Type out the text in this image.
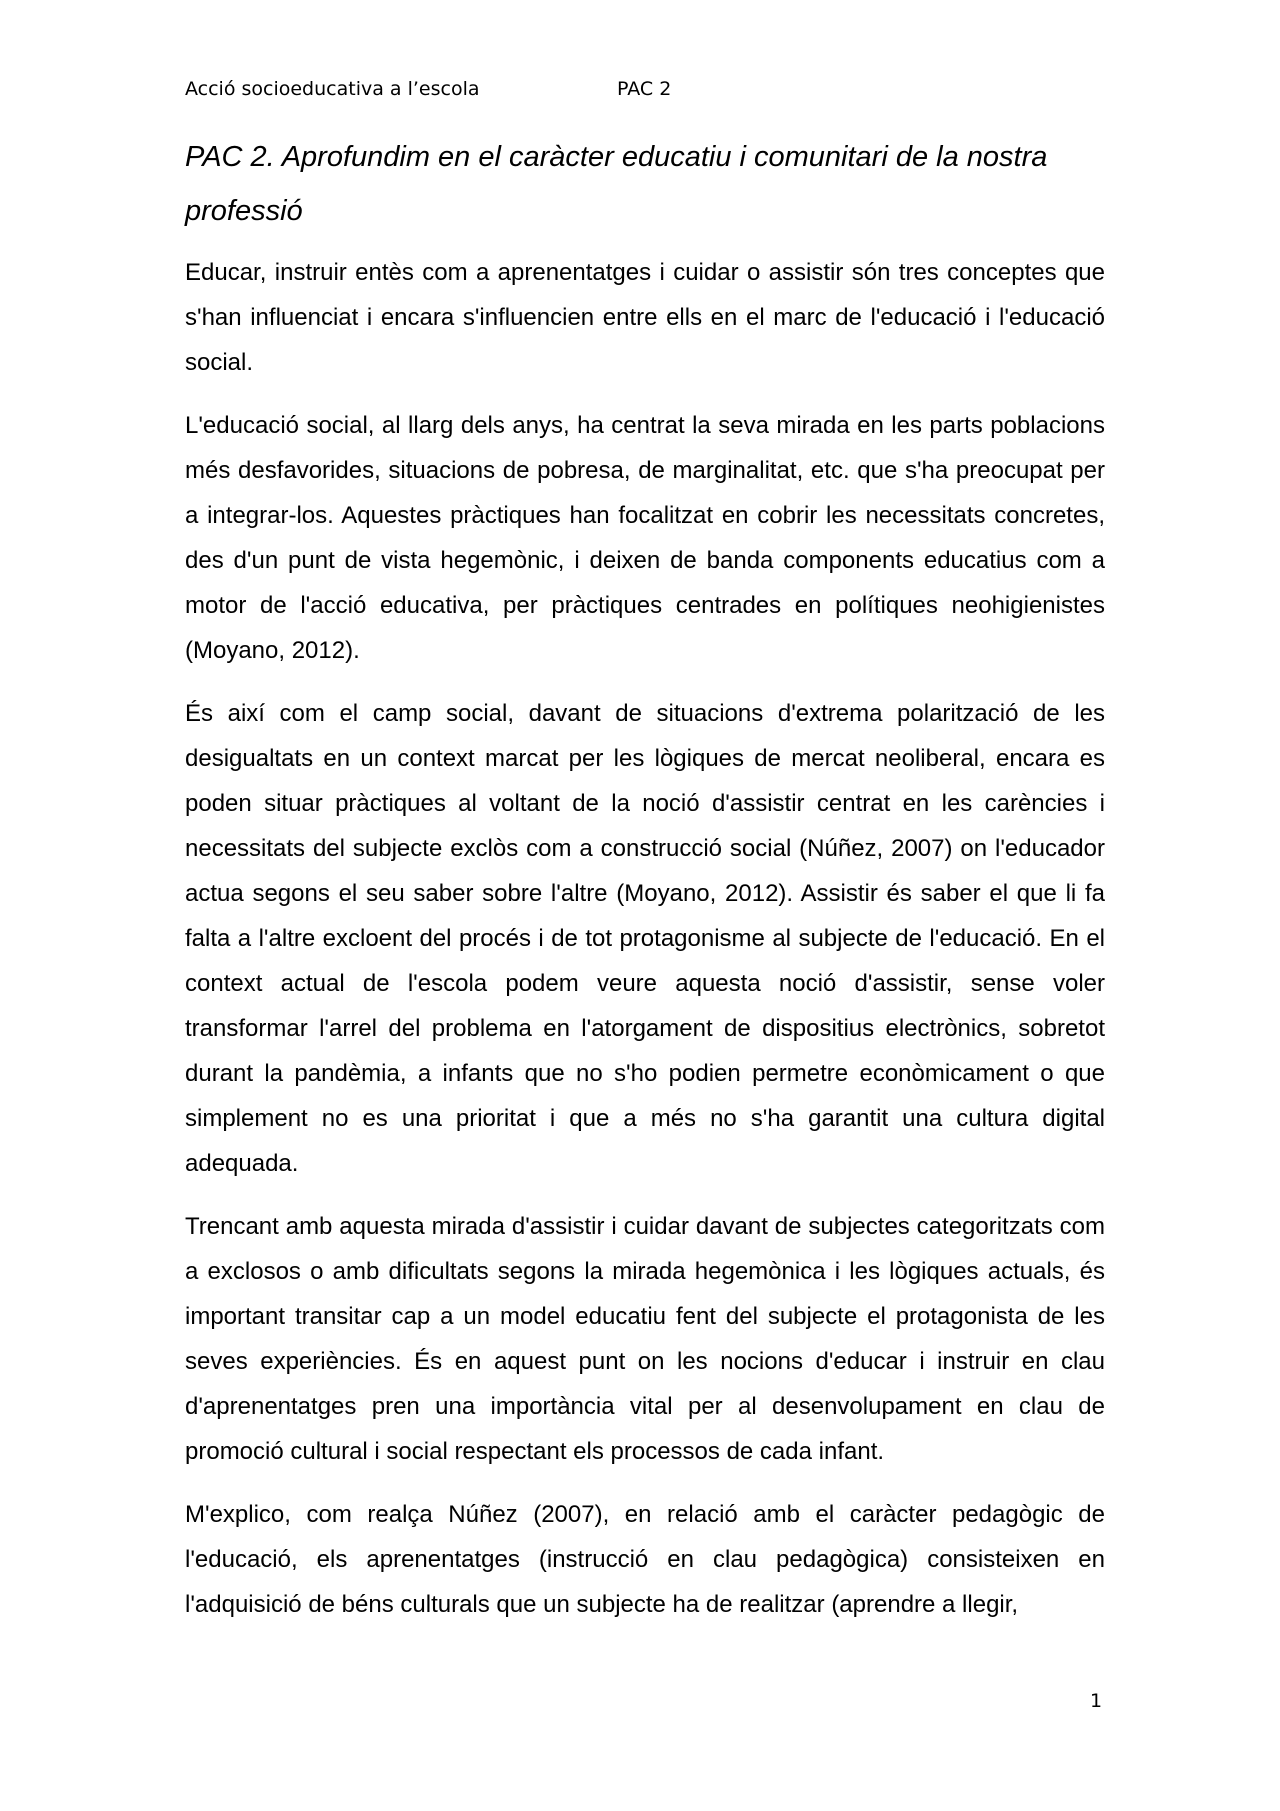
Acció socioeducativa a l’escola	PAC 2
PAC 2. Aprofundim en el caràcter educatiu i comunitari de la nostra professió

Educar, instruir entès com a aprenentatges i cuidar o assistir són tres conceptes que s'han influenciat i encara s'influencien entre ells en el marc de l'educació i l'educació social.

L'educació social, al llarg dels anys, ha centrat la seva mirada en les parts poblacions més desfavorides, situacions de pobresa, de marginalitat, etc. que s'ha preocupat per a integrar-los. Aquestes pràctiques han focalitzat en cobrir les necessitats concretes, des d'un punt de vista hegemònic, i deixen de banda components educatius com a motor de l'acció educativa, per pràctiques centrades en polítiques neohigienistes (Moyano, 2012).

És així com el camp social, davant de situacions d'extrema polarització de les desigualtats en un context marcat per les lògiques de mercat neoliberal, encara es poden situar pràctiques al voltant de la noció d'assistir centrat en les carències i necessitats del subjecte exclòs com a construcció social (Núñez, 2007) on l'educador actua segons el seu saber sobre l'altre (Moyano, 2012). Assistir és saber el que li fa falta a l'altre excloent del procés i de tot protagonisme al subjecte de l'educació. En el context actual de l'escola podem veure aquesta noció d'assistir, sense voler transformar l'arrel del problema en l'atorgament de dispositius electrònics, sobretot durant la pandèmia, a infants que no s'ho podien permetre econòmicament o que simplement no es una prioritat i que a més no s'ha garantit una cultura digital adequada.

Trencant amb aquesta mirada d'assistir i cuidar davant de subjectes categoritzats com a exclosos o amb dificultats segons la mirada hegemònica i les lògiques actuals, és important transitar cap a un model educatiu fent del subjecte el protagonista de les seves experiències. És en aquest punt on les nocions d'educar i instruir en clau d'aprenentatges pren una importància vital per al desenvolupament en clau de promoció cultural i social respectant els processos de cada infant.

M'explico, com realça Núñez (2007), en relació amb el caràcter pedagògic de l'educació, els aprenentatges (instrucció en clau pedagògica) consisteixen en l'adquisició de béns culturals que un subjecte ha de realitzar (aprendre a llegir,

1
